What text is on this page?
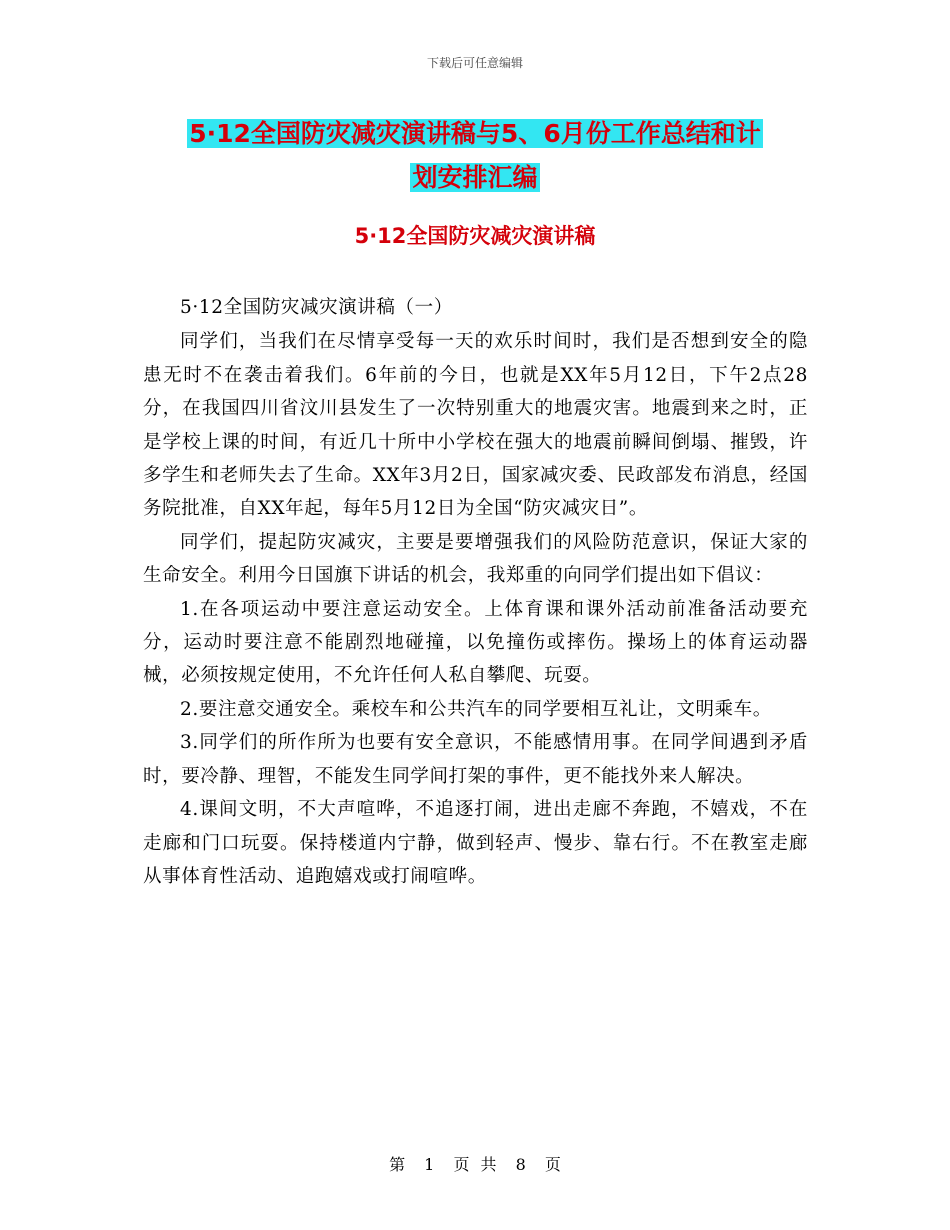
下载后可任意编辑
5·12全国防灾减灾演讲稿与5、6月份工作总结和计
划安排汇编
5·12全国防灾减灾演讲稿

5·12全国防灾减灾演讲稿（一）

同学们，当我们在尽情享受每一天的欢乐时间时，我们是否想到安全的隐患无时不在袭击着我们。6年前的今日，也就是XX年5月12日，下午2点28分，在我国四川省汶川县发生了一次特别重大的地震灾害。地震到来之时，正是学校上课的时间，有近几十所中小学校在强大的地震前瞬间倒塌、摧毁，许多学生和老师失去了生命。XX年3月2日，国家减灾委、民政部发布消息，经国务院批准，自XX年起，每年5月12日为全国“防灾减灾日”。

同学们，提起防灾减灾，主要是要增强我们的风险防范意识，保证大家的生命安全。利用今日国旗下讲话的机会，我郑重的向同学们提出如下倡议：

1.在各项运动中要注意运动安全。上体育课和课外活动前准备活动要充分，运动时要注意不能剧烈地碰撞，以免撞伤或摔伤。操场上的体育运动器械，必须按规定使用，不允许任何人私自攀爬、玩耍。

2.要注意交通安全。乘校车和公共汽车的同学要相互礼让，文明乘车。

3.同学们的所作所为也要有安全意识，不能感情用事。在同学间遇到矛盾时，要冷静、理智，不能发生同学间打架的事件，更不能找外来人解决。

4.课间文明，不大声喧哗，不追逐打闹，进出走廊不奔跑，不嬉戏，不在走廊和门口玩耍。保持楼道内宁静，做到轻声、慢步、靠右行。不在教室走廊从事体育性活动、追跑嬉戏或打闹喧哗。

第 1 页 共 8 页
